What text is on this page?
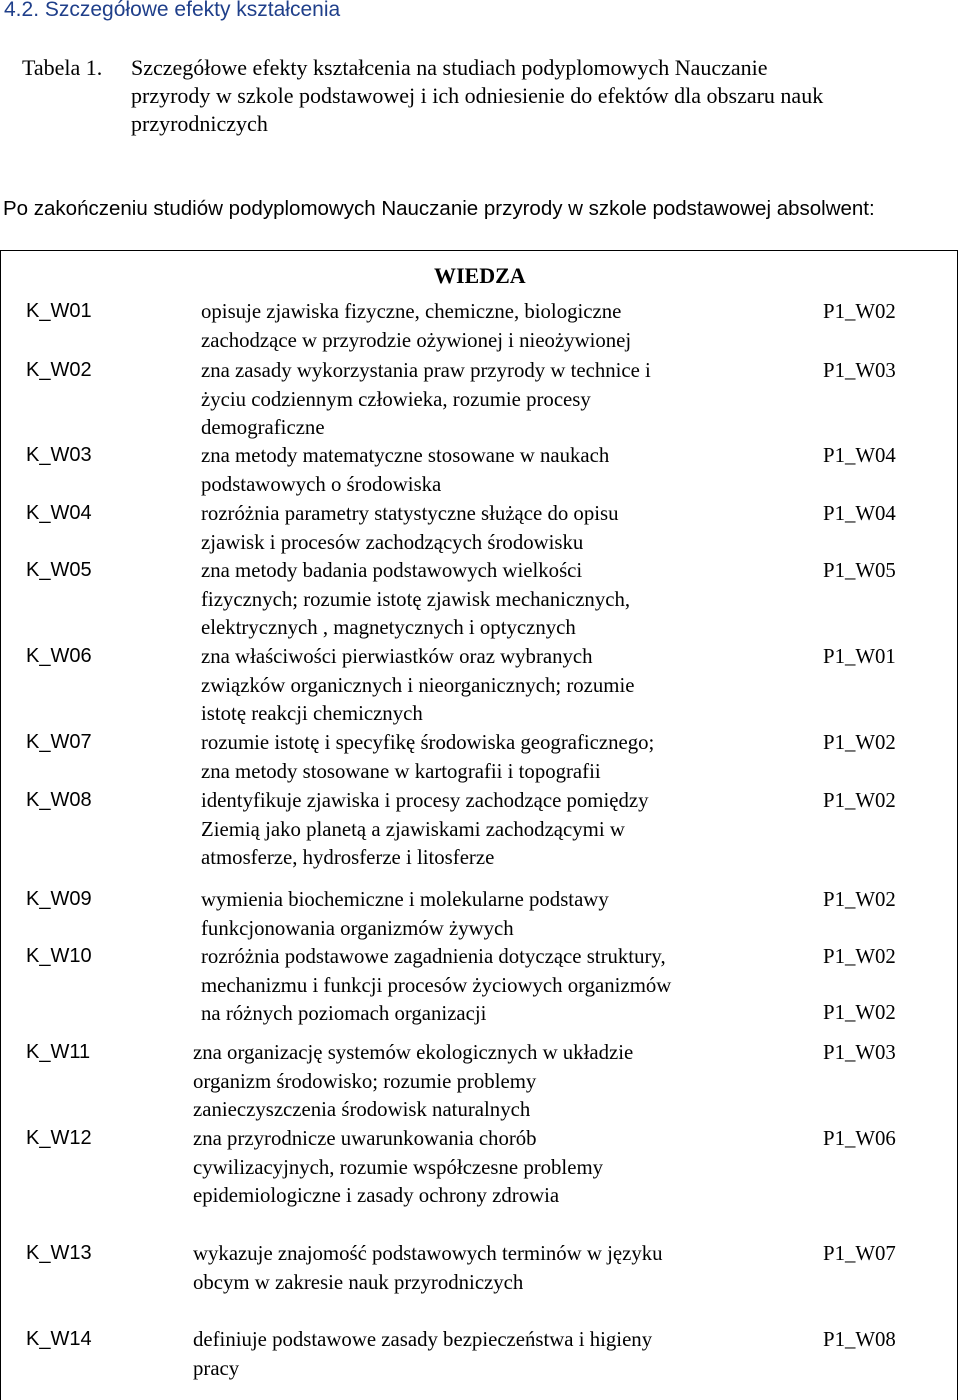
4.2. Szczegółowe efekty kształcenia
Tabela 1. Szczegółowe efekty kształcenia na studiach podyplomowych Nauczanie
przyrody w szkole podstawowej i ich odniesienie do efektów dla obszaru nauk
przyrodniczych
Po zakończeniu studiów podyplomowych Nauczanie przyrody w szkole podstawowej absolwent:
WIEDZA
K_W01	opisuje zjawiska fizyczne, chemiczne, biologiczne
zachodzące w przyrodzie ożywionej i nieożywionej
P1_W02
K_W02	zna zasady wykorzystania praw przyrody w technice i
życiu codziennym człowieka, rozumie procesy
demograficzne
P1_W03
K_W03	zna metody matematyczne stosowane w naukach
podstawowych o środowiska
P1_W04
K_W04	rozróżnia parametry statystyczne służące do opisu
zjawisk i procesów zachodzących środowisku
P1_W04
K_W05	zna metody badania podstawowych wielkości
fizycznych; rozumie istotę zjawisk mechanicznych,
elektrycznych , magnetycznych i optycznych
P1_W05
K_W06	zna właściwości pierwiastków oraz wybranych
związków organicznych i nieorganicznych; rozumie
istotę reakcji chemicznych
P1_W01
K_W07	rozumie istotę i specyfikę środowiska geograficznego;
zna metody stosowane w kartografii i topografii
P1_W02
K_W08	identyfikuje zjawiska i procesy zachodzące pomiędzy
Ziemią jako planetą a zjawiskami zachodzącymi w
atmosferze, hydrosferze i litosferze
P1_W02
K_W09	wymienia biochemiczne i molekularne podstawy
funkcjonowania organizmów żywych
P1_W02
K_W10	rozróżnia podstawowe zagadnienia dotyczące struktury,
mechanizmu i funkcji procesów życiowych organizmów
na różnych poziomach organizacji
P1_W02
P1_W02
K_W11	zna organizację systemów ekologicznych w układzie
organizm środowisko; rozumie problemy
zanieczyszczenia środowisk naturalnych
P1_W03
K_W12	zna przyrodnicze uwarunkowania chorób
cywilizacyjnych, rozumie współczesne problemy
epidemiologiczne i zasady ochrony zdrowia
P1_W06
K_W13	wykazuje znajomość podstawowych terminów w języku
obcym w zakresie nauk przyrodniczych
P1_W07
K_W14	definiuje podstawowe zasady bezpieczeństwa i higieny
pracy
P1_W08
